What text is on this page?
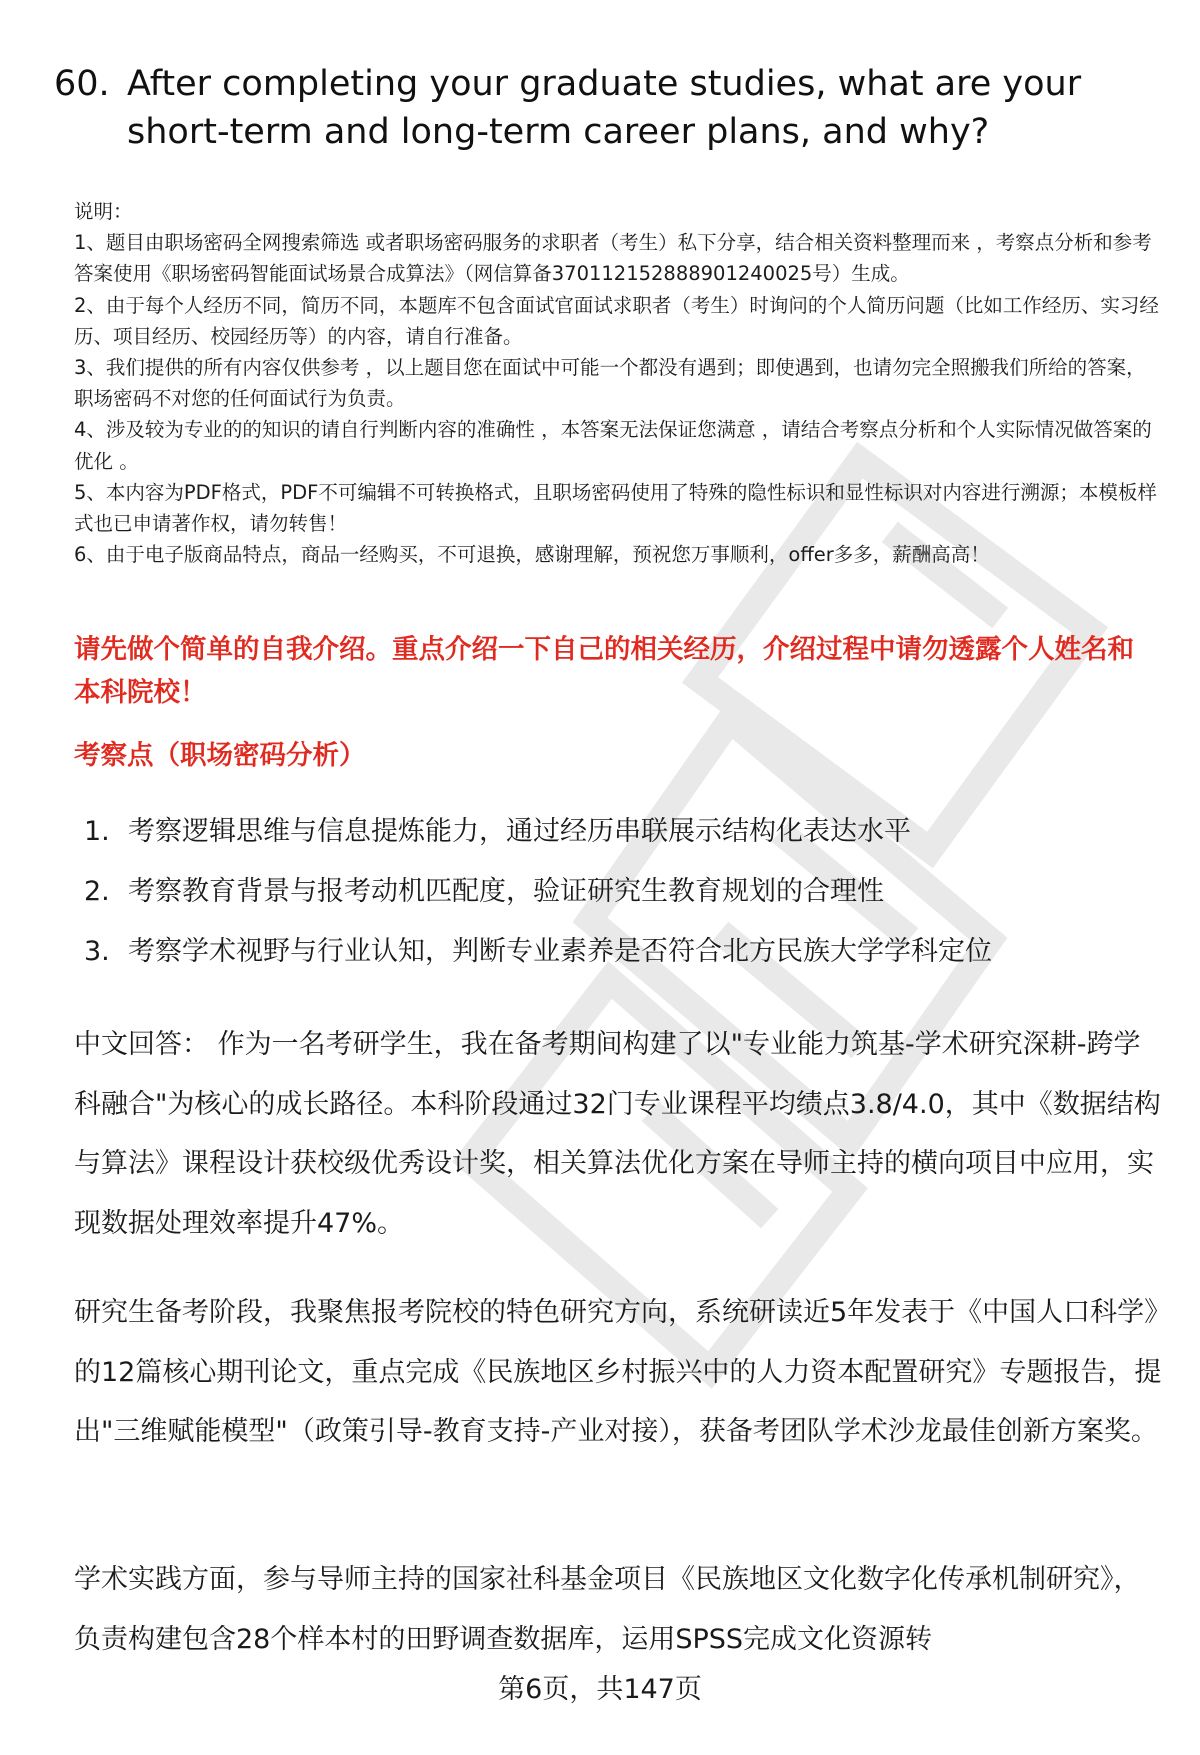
60. After completing your graduate studies, what are your short-term and long-term career plans, and why?

说明：

1、题目由职场密码全网搜索筛选 或者职场密码服务的求职者（考生）私下分享，结合相关资料整理而来 ，考察点分析和参考答案使用《职场密码智能面试场景合成算法》（网信算备370112152888901240025号）生成。

2、由于每个人经历不同，简历不同，本题库不包含面试官面试求职者（考生）时询问的个人简历问题（比如工作经历、实习经历、项目经历、校园经历等）的内容，请自行准备。

3、我们提供的所有内容仅供参考 ，以上题目您在面试中可能一个都没有遇到；即使遇到，也请勿完全照搬我们所给的答案，职场密码不对您的任何面试行为负责。

4、涉及较为专业的的知识的请自行判断内容的准确性 ，本答案无法保证您满意 ，请结合考察点分析和个人实际情况做答案的优化 。

5、本内容为PDF格式，PDF不可编辑不可转换格式，且职场密码使用了特殊的隐性标识和显性标识对内容进行溯源；本模板样式也已申请著作权，请勿转售！

6、由于电子版商品特点，商品一经购买，不可退换，感谢理解，预祝您万事顺利，offer多多，薪酬高高！

请先做个简单的自我介绍。重点介绍一下自己的相关经历，介绍过程中请勿透露个人姓名和本科院校！

考察点（职场密码分析）

1. 考察逻辑思维与信息提炼能力，通过经历串联展示结构化表达水平
2. 考察教育背景与报考动机匹配度，验证研究生教育规划的合理性
3. 考察学术视野与行业认知，判断专业素养是否符合北方民族大学学科定位

中文回答： 作为一名考研学生，我在备考期间构建了以"专业能力筑基-学术研究深耕-跨学科融合"为核心的成长路径。本科阶段通过32门专业课程平均绩点3.8/4.0，其中《数据结构与算法》课程设计获校级优秀设计奖，相关算法优化方案在导师主持的横向项目中应用，实现数据处理效率提升47%。

研究生备考阶段，我聚焦报考院校的特色研究方向，系统研读近5年发表于《中国人口科学》的12篇核心期刊论文，重点完成《民族地区乡村振兴中的人力资本配置研究》专题报告，提出"三维赋能模型"（政策引导-教育支持-产业对接），获备考团队学术沙龙最佳创新方案奖。

学术实践方面，参与导师主持的国家社科基金项目《民族地区文化数字化传承机制研究》，负责构建包含28个样本村的田野调查数据库，运用SPSS完成文化资源转

第6页，共147页
